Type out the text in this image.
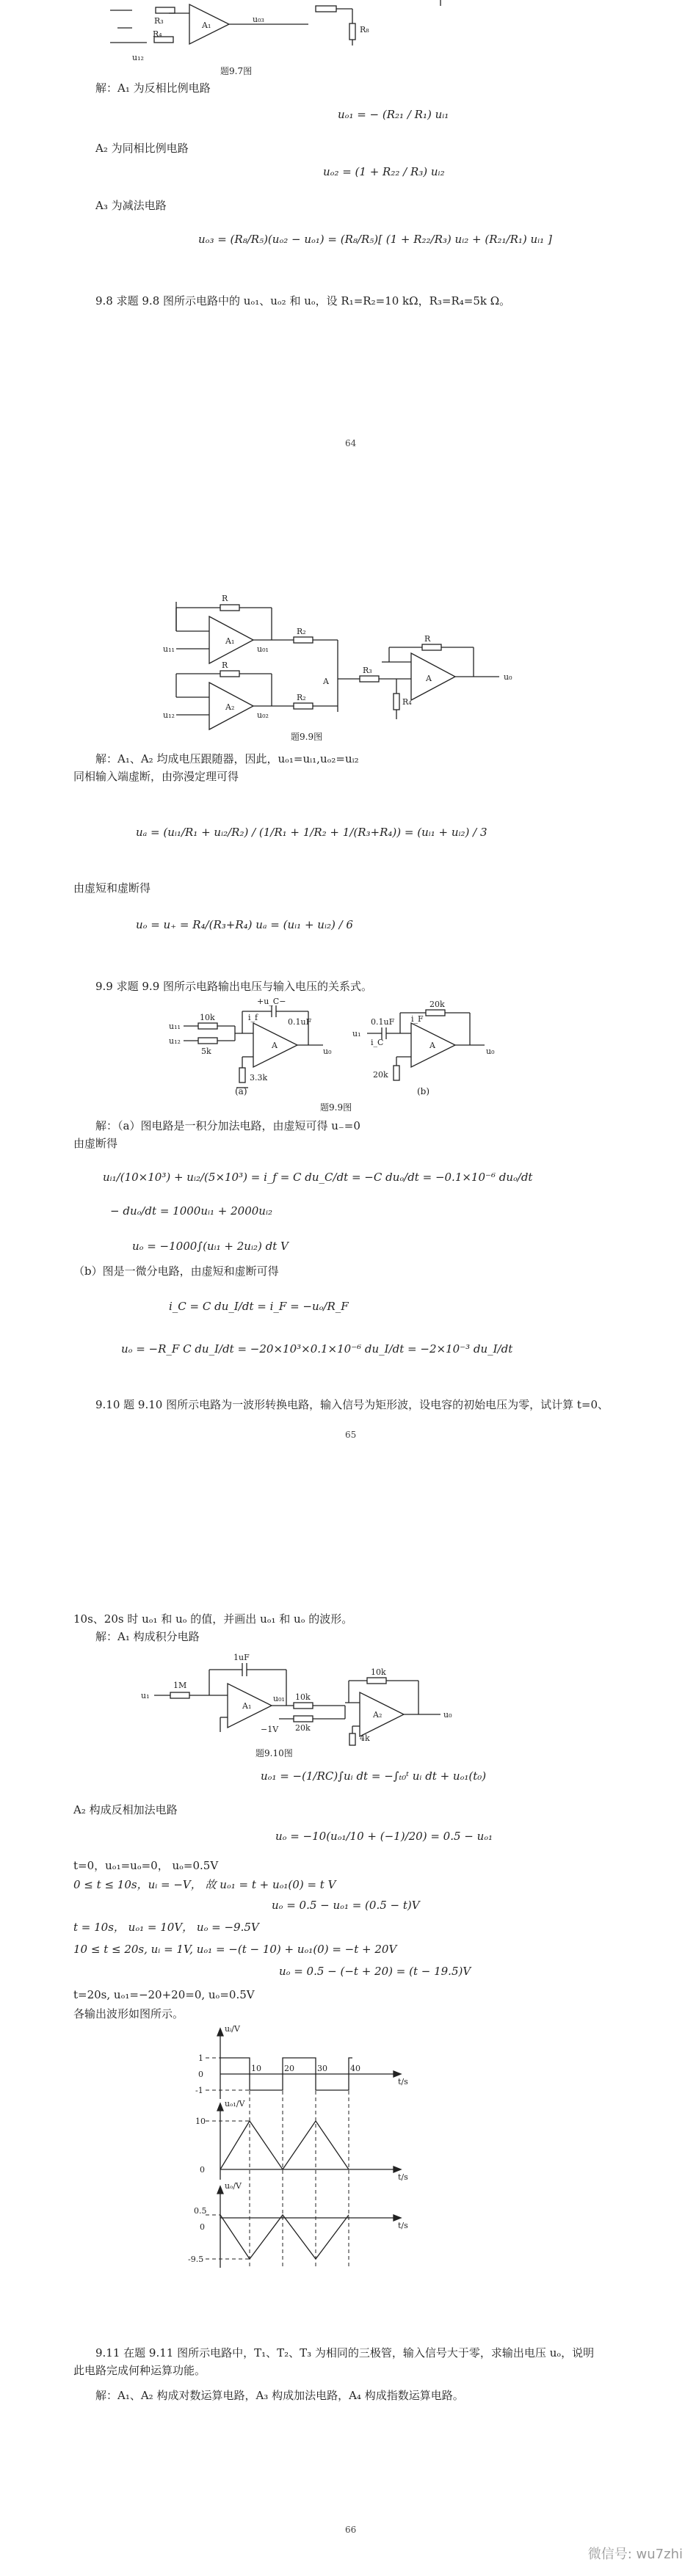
R₃
R₄
A₁
u₀₃
R₈
u₁₂
题9.7图
解：A₁ 为反相比例电路
uₒ₁ = − (R₂₁ / R₁) uᵢ₁
A₂ 为同相比例电路
uₒ₂ = (1 + R₂₂ / R₃) uᵢ₂
A₃ 为减法电路
uₒ₃ = (R₈/R₅)(uₒ₂ − uₒ₁) = (R₈/R₅)[ (1 + R₂₂/R₃) uᵢ₂ + (R₂₁/R₁) uᵢ₁ ]
9.8 求题 9.8 图所示电路中的 uₒ₁、uₒ₂ 和 uₒ，设 R₁=R₂=10 kΩ，R₃=R₄=5k Ω。
64
R
A₁
u₀₁
R₂
R
A₂
u₀₂
R₂
A
R₃
R₄
R
A	u₀
u₁₁
u₁₂
题9.9图
解：A₁、A₂ 均成电压跟随器，因此，uₒ₁=uᵢ₁,uₒ₂=uᵢ₂
同相输入端虚断，由弥漫定理可得
uₐ = (uᵢ₁/R₁ + uᵢ₂/R₂) / (1/R₁ + 1/R₂ + 1/(R₃+R₄)) = (uᵢ₁ + uᵢ₂) / 3
由虚短和虚断得
uₒ = u₊ = R₄/(R₃+R₄) uₐ = (uᵢ₁ + uᵢ₂) / 6
9.9 求题 9.9 图所示电路输出电压与输入电压的关系式。
10k
u₁₁
u₁₂
5k
+u_C−
i_f	0.1uF
A
u₀
3.3k
0.1uF
i_C
u₁
20k
i_F
A
u₀
20k
(a)	(b)
题9.9图
解：（a）图电路是一积分加法电路，由虚短可得 u₋=0
由虚断得
uᵢ₁/(10×10³) + uᵢ₂/(5×10³) = i_f = C du_C/dt = −C duₒ/dt = −0.1×10⁻⁶ duₒ/dt
− duₒ/dt = 1000uᵢ₁ + 2000uᵢ₂
uₒ = −1000∫(uᵢ₁ + 2uᵢ₂) dt V
（b）图是一微分电路，由虚短和虚断可得
i_C = C du_I/dt = i_F = −uₒ/R_F
uₒ = −R_F C du_I/dt = −20×10³×0.1×10⁻⁶ du_I/dt = −2×10⁻³ du_I/dt
9.10 题 9.10 图所示电路为一波形转换电路，输入信号为矩形波，设电容的初始电压为零，试计算 t=0、
65
10s、20s 时 uₒ₁ 和 uₒ 的值，并画出 uₒ₁ 和 uₒ 的波形。
解：A₁ 构成积分电路
u₁
1M
1uF
A₁
u₀₁ 10k
20k
−1V
10k
A₂	u₀
4k
题9.10图
uₒ₁ = −(1/RC)∫uᵢ dt = −∫ₜ₀ᵗ uᵢ dt + uₒ₁(t₀)
A₂ 构成反相加法电路
uₒ = −10(uₒ₁/10 + (−1)/20) = 0.5 − uₒ₁
t=0，uₒ₁=uₒ=0， uₒ=0.5V
0 ≤ t ≤ 10s，uᵢ = −V， 故 uₒ₁ = t + uₒ₁(0) = t V
uₒ = 0.5 − uₒ₁ = (0.5 − t)V
t = 10s， uₒ₁ = 10V， uₒ = −9.5V
10 ≤ t ≤ 20s, uᵢ = 1V, uₒ₁ = −(t − 10) + uₒ₁(0) = −t + 20V
uₒ = 0.5 − (−t + 20) = (t − 19.5)V
t=20s, uₒ₁=−20+20=0, uₒ=0.5V
各输出波形如图所示。
uᵢ/V
uₒ₁/V
uₒ/V
t/s
t/s
t/s
10	20	30	40
1
0
-1
10
0
0.5
0
-9.5
9.11 在题 9.11 图所示电路中，T₁、T₂、T₃ 为相同的三极管，输入信号大于零，求输出电压 uₒ，说明
此电路完成何种运算功能。
解：A₁、A₂ 构成对数运算电路，A₃ 构成加法电路，A₄ 构成指数运算电路。
66
微信号: wu7zhi
